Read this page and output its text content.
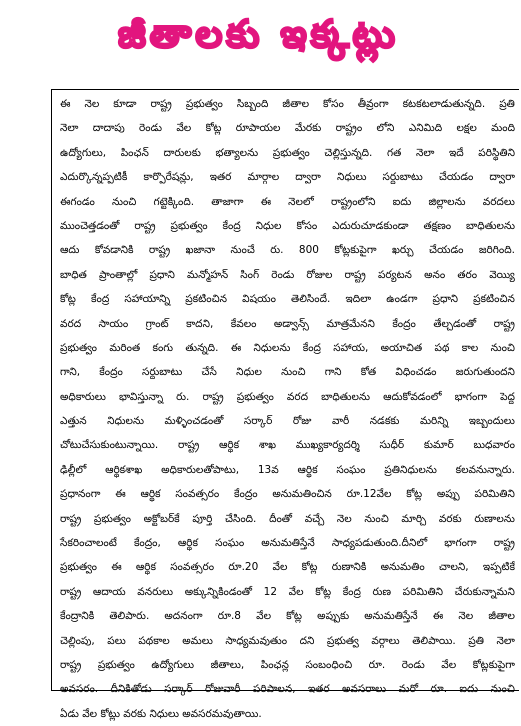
జీతాలకు ఇక్కట్లు
ఈ నెల కూడా రాష్ట్ర ప్రభుత్వం సిబ్బంది జీతాల కోసం తీవ్రంగా కటకటలాడుతున్నది. ప్రతి
నెలా దాదాపు రెండు వేల కోట్ల రూపాయల మేరకు రాష్ట్రం లోని ఎనిమిది లక్షల మంది
ఉద్యోగులు, పింఛన్ దారులకు భత్యాలను ప్రభుత్వం చెల్లిస్తున్నది. గత నెలా ఇదే పరిస్థితిని
ఎదుర్కొన్నప్పటికీ కార్పొరేషన్లు, ఇతర మార్గాల ద్వారా నిధులు సర్దుబాటు చేయడం ద్వారా
ఈగండం నుంచి గట్టెక్కింది. తాజాగా ఈ నెలలో రాష్ట్రంలోని ఐదు జిల్లాలను వరదలు
ముంచెత్తడంతో రాష్ట్ర ప్రభుత్వం కేంద్ర నిధుల కోసం ఎదురుచూడకుండా తక్షణం బాధితులను
ఆదు కోవడానికి రాష్ట్ర ఖజానా నుంచే రు. 800 కోట్లకుపైగా ఖర్చు చేయడం జరిగింది.
బాధిత ప్రాంతాల్లో ప్రధాని మన్మోహన్ సింగ్ రెండు రోజుల రాష్ట్ర పర్యటన అనం తరం వెయ్యి
కోట్ల కేంద్ర సహాయాన్ని ప్రకటించిన విషయం తెలిసిందే. ఇదిలా ఉండగా ప్రధాని ప్రకటించిన
వరద సాయం గ్రాంట్ కాదని, కేవలం అడ్వాన్స్ మాత్రమేనని కేంద్రం తేల్చడంతో రాష్ట్ర
ప్రభుత్వం మరింత కంగు తున్నది. ఈ నిధులను కేంద్ర సహాయ, అయాచిత పథ కాల నుంచి
గాని, కేంద్రం సర్దుబాటు చేసే నిధుల నుంచి గాని కోత విధించడం జరుగుతుందని
అధికారులు భావిస్తున్నా రు. రాష్ట్ర ప్రభుత్వం వరద బాధితులను ఆదుకోవడంలో భాగంగా పెద్ద
ఎత్తున నిధులను మళ్ళించడంతో సర్కార్ రోజు వారీ నడకకు మరిన్ని ఇబ్బందులు
చోటుచేసుకుంటున్నాయి. రాష్ట్ర ఆర్థిక శాఖ ముఖ్యకార్యదర్శి సుధీర్ కుమార్ బుధవారం
ఢిల్లీలో ఆర్థికశాఖ అధికారులతోపాటు, 13వ ఆర్థిక సంఘం ప్రతినిధులను కలవనున్నారు.
ప్రధానంగా ఈ ఆర్థిక సంవత్సరం కేంద్రం అనుమతించిన రూ.12వేల కోట్ల అప్పు పరిమితిని
రాష్ట్ర ప్రభుత్వం అక్టోబర్‌కే పూర్తి చేసింది. దీంతో వచ్చే నెల నుంచి మార్చి వరకు రుణాలను
సేకరించాలంటే కేంద్రం, ఆర్థిక సంఘం అనుమతిస్తేనే సాధ్యపడుతుంది.దీనిలో భాగంగా రాష్ట్ర
ప్రభుత్వం ఈ ఆర్థిక సంవత్సరం రూ.20 వేల కోట్ల రుణానికి అనుమతిం చాలని, ఇప్పటికే
రాష్ట్ర ఆదాయ వనరులు అక్కున్నికిండంతో 12 వేల కోట్ల కేంద్ర రుణ పరిమితిని చేరుకున్నామని
కేంద్రానికి తెలిపారు. అదనంగా రూ.8 వేల కోట్ల అప్పుకు అనుమతిస్తేనే ఈ నెల జీతాల
చెల్లింపు, పలు పథకాల అమలు సాధ్యమవుతుం దని ప్రభుత్వ వర్గాలు తెలిపాయి. ప్రతి నెలా
రాష్ట్ర ప్రభుత్వం ఉద్యోగులు జీతాలు, పింఛన్ల సంబంధించి రూ. రెండు వేల కోట్లకుపైగా
అవసరం. దీనికితోడు సర్కార్ రోజువారీ పరిపాలన, ఇతర అవసరాలు మరో రూ. ఐదు నుంచి
ఏడు వేల కోట్లు వరకు నిధులు అవసరమవుతాయి.
